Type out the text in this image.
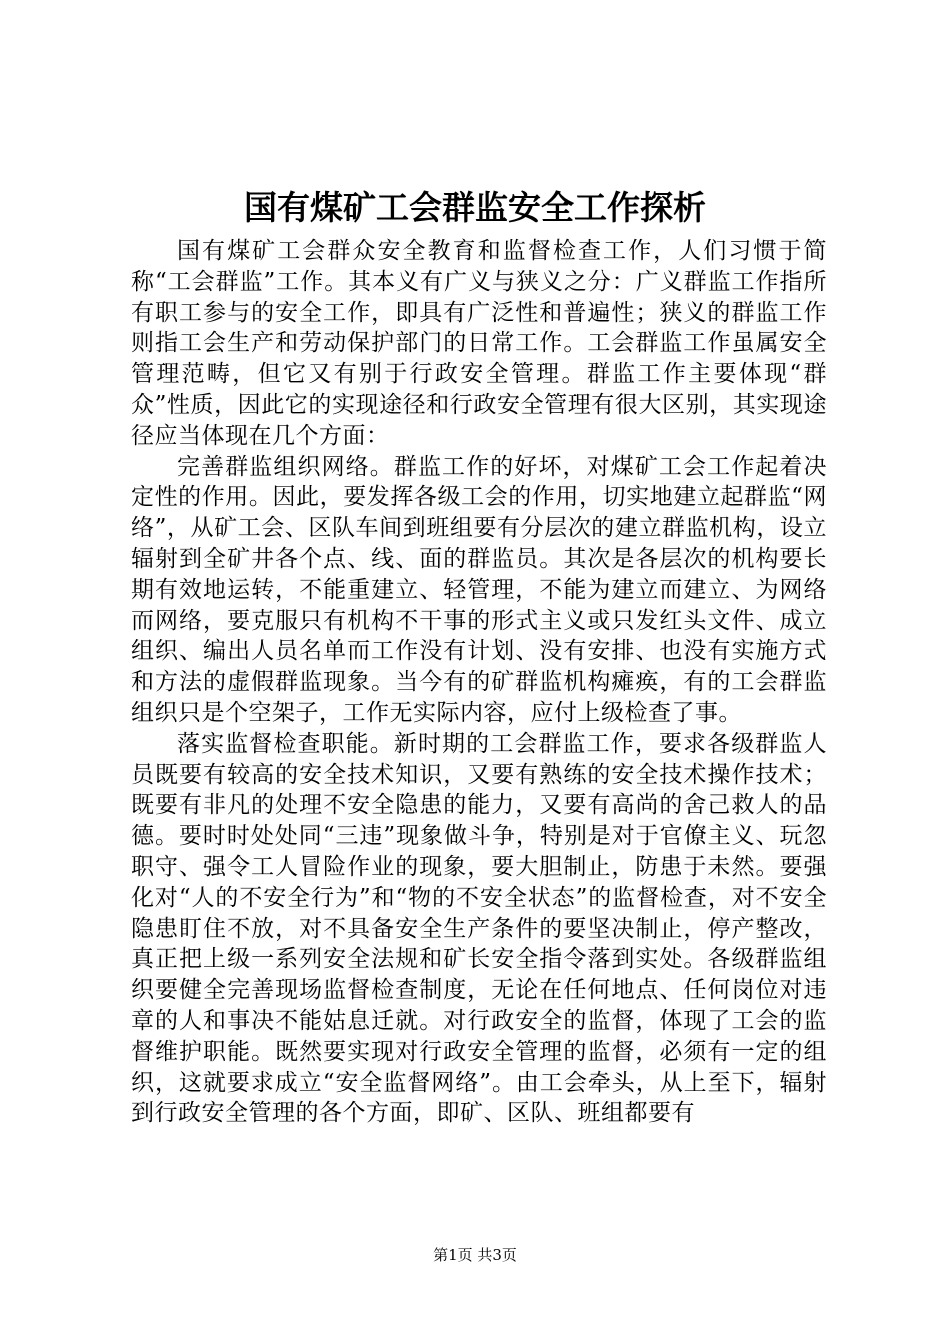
国有煤矿工会群监安全工作探析

国有煤矿工会群众安全教育和监督检查工作，人们习惯于简称“工会群监”工作。其本义有广义与狭义之分：广义群监工作指所有职工参与的安全工作，即具有广泛性和普遍性；狭义的群监工作则指工会生产和劳动保护部门的日常工作。工会群监工作虽属安全管理范畴，但它又有别于行政安全管理。群监工作主要体现“群众”性质，因此它的实现途径和行政安全管理有很大区别，其实现途径应当体现在几个方面：

完善群监组织网络。群监工作的好坏，对煤矿工会工作起着决定性的作用。因此，要发挥各级工会的作用，切实地建立起群监“网络”，从矿工会、区队车间到班组要有分层次的建立群监机构，设立辐射到全矿井各个点、线、面的群监员。其次是各层次的机构要长期有效地运转，不能重建立、轻管理，不能为建立而建立、为网络而网络，要克服只有机构不干事的形式主义或只发红头文件、成立组织、编出人员名单而工作没有计划、没有安排、也没有实施方式和方法的虚假群监现象。当今有的矿群监机构瘫痪，有的工会群监组织只是个空架子，工作无实际内容，应付上级检查了事。

落实监督检查职能。新时期的工会群监工作，要求各级群监人员既要有较高的安全技术知识，又要有熟练的安全技术操作技术；既要有非凡的处理不安全隐患的能力，又要有高尚的舍己救人的品德。要时时处处同“三违”现象做斗争，特别是对于官僚主义、玩忽职守、强令工人冒险作业的现象，要大胆制止，防患于未然。要强化对“人的不安全行为”和“物的不安全状态”的监督检查，对不安全隐患盯住不放，对不具备安全生产条件的要坚决制止，停产整改，真正把上级一系列安全法规和矿长安全指令落到实处。各级群监组织要健全完善现场监督检查制度，无论在任何地点、任何岗位对违章的人和事决不能姑息迁就。对行政安全的监督，体现了工会的监督维护职能。既然要实现对行政安全管理的监督，必须有一定的组织，这就要求成立“安全监督网络”。由工会牵头，从上至下，辐射到行政安全管理的各个方面，即矿、区队、班组都要有

第1页 共3页
